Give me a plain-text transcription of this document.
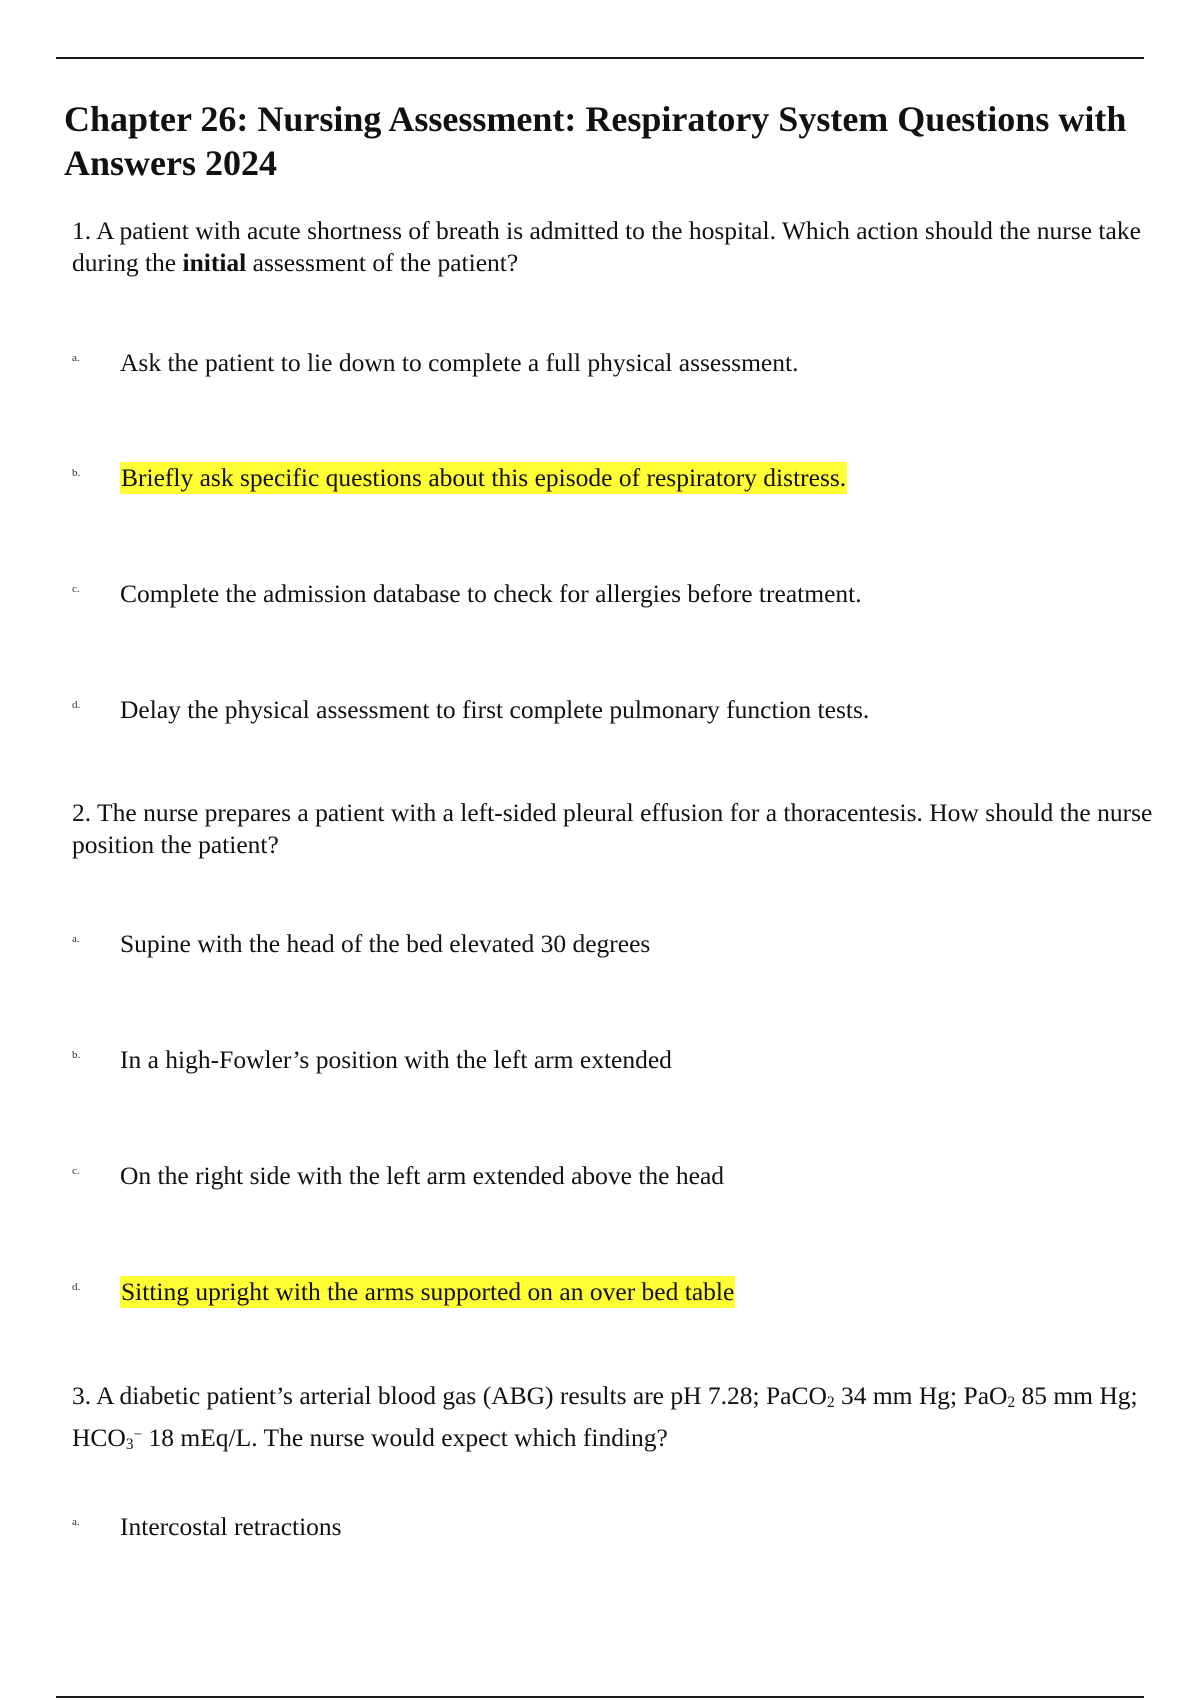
Chapter 26: Nursing Assessment: Respiratory System Questions with Answers 2024

1. A patient with acute shortness of breath is admitted to the hospital. Which action should the nurse take during the initial assessment of the patient?

a. Ask the patient to lie down to complete a full physical assessment.
b. Briefly ask specific questions about this episode of respiratory distress.
c. Complete the admission database to check for allergies before treatment.
d. Delay the physical assessment to first complete pulmonary function tests.

2. The nurse prepares a patient with a left-sided pleural effusion for a thoracentesis. How should the nurse position the patient?

a. Supine with the head of the bed elevated 30 degrees
b. In a high-Fowler’s position with the left arm extended
c. On the right side with the left arm extended above the head
d. Sitting upright with the arms supported on an over bed table

3. A diabetic patient’s arterial blood gas (ABG) results are pH 7.28; PaCO$_2$ 34 mm Hg; PaO$_2$ 85 mm Hg; $HCO_3^-$ 18 mEq/L. The nurse would expect which finding?

a. Intercostal retractions
